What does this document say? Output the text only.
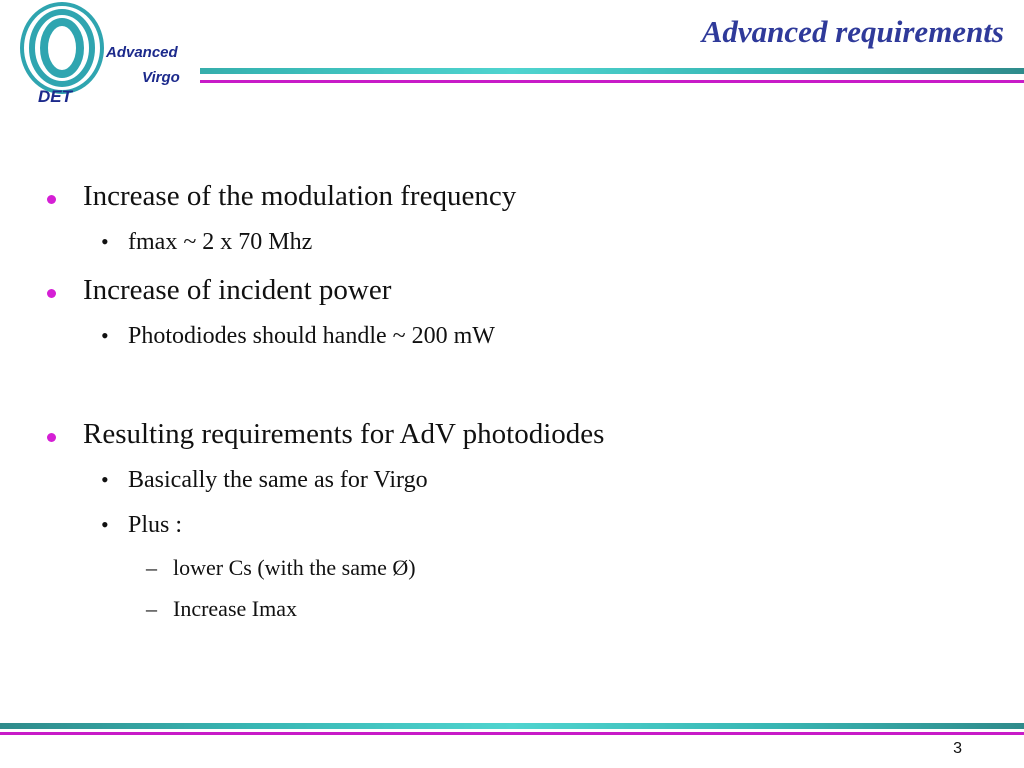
Advanced
Virgo
DET
Advanced requirements
Increase of the modulation frequency
• fmax ~ 2 x 70 Mhz
Increase of incident power
• Photodiodes should handle ~ 200 mW
Resulting requirements for AdV photodiodes
• Basically the same as for Virgo
• Plus :
– lower Cs (with the same Ø)
– Increase Imax
3
